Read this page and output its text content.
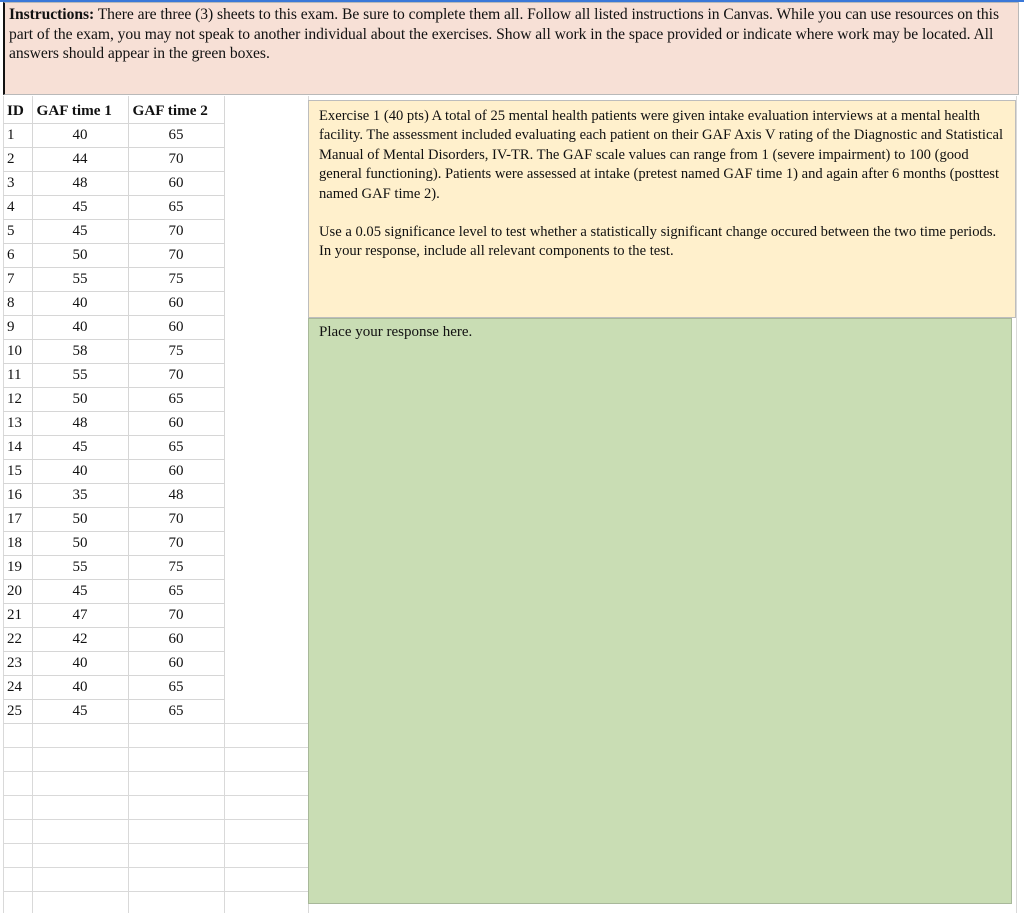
Instructions: There are three (3) sheets to this exam. Be sure to complete them all. Follow all listed instructions in Canvas. While you can use resources on this part of the exam, you may not speak to another individual about the exercises. Show all work in the space provided or indicate where work may be located. All answers should appear in the green boxes.
ID	GAF time 1	GAF time 2
1	40	65
2	44	70
3	48	60
4	45	65
5	45	70
6	50	70
7	55	75
8	40	60
9	40	60
10	58	75
11	55	70
12	50	65
13	48	60
14	45	65
15	40	60
16	35	48
17	50	70
18	50	70
19	55	75
20	45	65
21	47	70
22	42	60
23	40	60
24	40	65
25	45	65

Exercise 1 (40 pts) A total of 25 mental health patients were given intake evaluation interviews at a mental health facility. The assessment included evaluating each patient on their GAF Axis V rating of the Diagnostic and Statistical Manual of Mental Disorders, IV-TR. The GAF scale values can range from 1 (severe impairment) to 100 (good general functioning). Patients were assessed at intake (pretest named GAF time 1) and again after 6 months (posttest named GAF time 2).

Use a 0.05 significance level to test whether a statistically significant change occured between the two time periods. In your response, include all relevant components to the test.

Place your response here.
